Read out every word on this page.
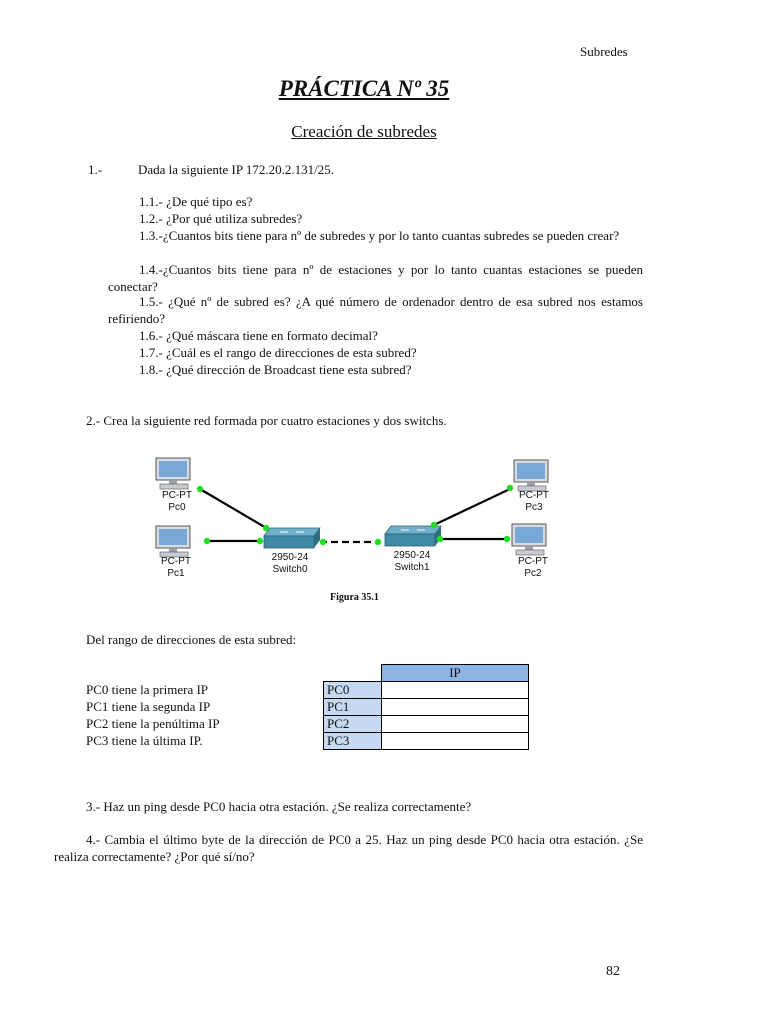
Subredes
PRÁCTICA Nº 35
Creación de subredes
1.-	Dada la siguiente IP 172.20.2.131/25.
1.1.- ¿De qué tipo es?
1.2.- ¿Por qué utiliza subredes?
1.3.-¿Cuantos bits tiene para nº de subredes y por lo tanto cuantas subredes se pueden crear?
1.4.-¿Cuantos bits tiene para nº de estaciones y por lo tanto cuantas estaciones se pueden conectar?
1.5.- ¿Qué nº de subred es? ¿A qué número de ordenador dentro de esa subred nos estamos refiriendo?
1.6.- ¿Qué máscara tiene en formato decimal?
1.7.- ¿Cuál es el rango de direcciones de esta subred?
1.8.- ¿Qué dirección de Broadcast tiene esta subred?
2.- Crea la siguiente red formada por cuatro estaciones y dos switchs.
PC-PT
Pc0
PC-PT
Pc1
PC-PT
Pc3
PC-PT
Pc2
2950-24
Switch0
2950-24
Switch1
Figura 35.1
Del rango de direcciones de esta subred:
PC0 tiene la primera IP
PC1 tiene la segunda IP
PC2 tiene la penúltima IP
PC3 tiene la última IP.
	IP
PC0	
PC1	
PC2	
PC3	
3.- Haz un ping desde PC0 hacia otra estación. ¿Se realiza correctamente?
4.- Cambia el último byte de la dirección de PC0 a 25. Haz un ping desde PC0 hacia otra estación. ¿Se realiza correctamente? ¿Por qué sí/no?
82
